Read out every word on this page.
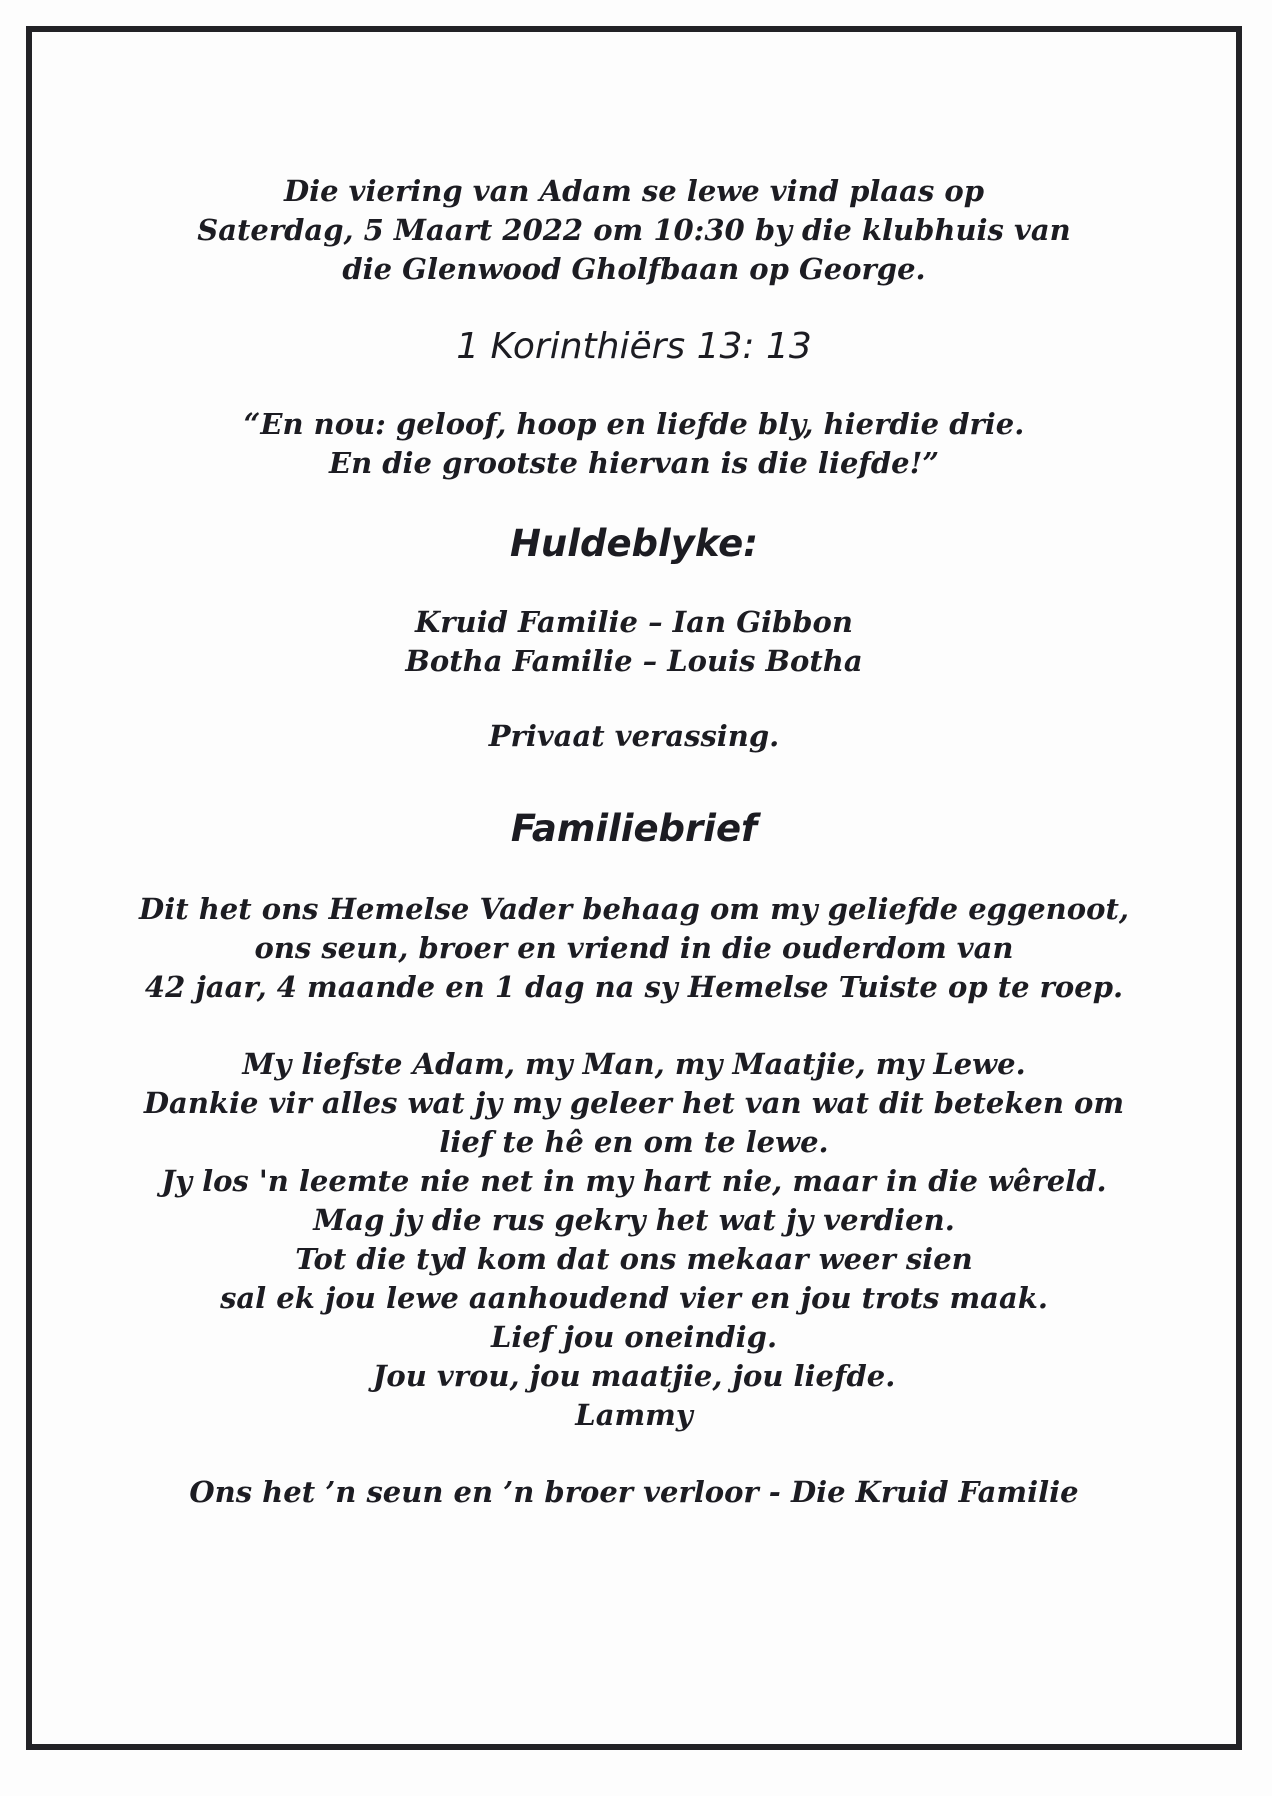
Die viering van Adam se lewe vind plaas op
Saterdag, 5 Maart 2022 om 10:30 by die klubhuis van
die Glenwood Gholfbaan op George.

1 Korinthiërs 13: 13

“En nou: geloof, hoop en liefde bly, hierdie drie.
En die grootste hiervan is die liefde!”

Huldeblyke:

Kruid Familie – Ian Gibbon
Botha Familie – Louis Botha

Privaat verassing.

Familiebrief

Dit het ons Hemelse Vader behaag om my geliefde eggenoot,
ons seun, broer en vriend in die ouderdom van
42 jaar, 4 maande en 1 dag na sy Hemelse Tuiste op te roep.

My liefste Adam, my Man, my Maatjie, my Lewe.
Dankie vir alles wat jy my geleer het van wat dit beteken om
lief te hê en om te lewe.
Jy los 'n leemte nie net in my hart nie, maar in die wêreld.
Mag jy die rus gekry het wat jy verdien.
Tot die tyd kom dat ons mekaar weer sien
sal ek jou lewe aanhoudend vier en jou trots maak.
Lief jou oneindig.
Jou vrou, jou maatjie, jou liefde.
Lammy

Ons het ’n seun en ’n broer verloor - Die Kruid Familie
